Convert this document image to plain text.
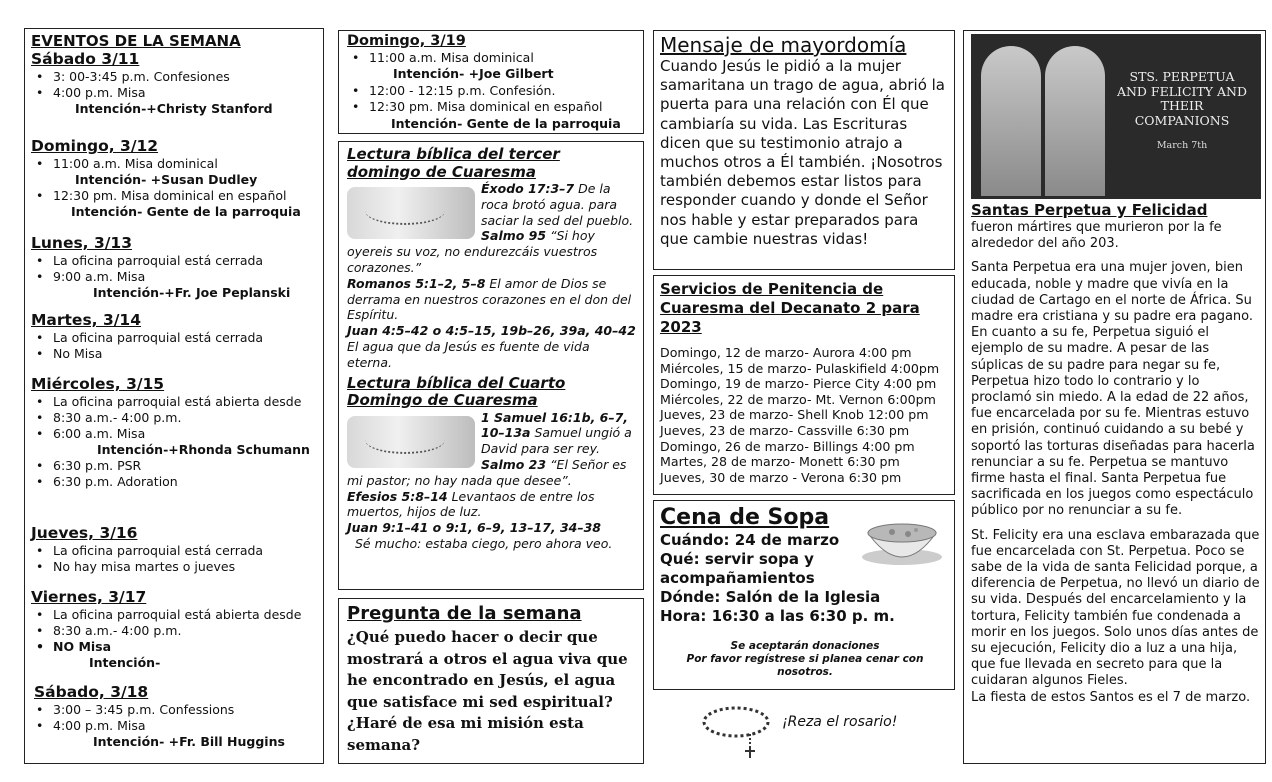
EVENTOS DE LA SEMANA
Sábado 3/11
• 3: 00-3:45 p.m. Confesiones
• 4:00 p.m. Misa
Intención-+Christy Stanford
Domingo, 3/12
• 11:00 a.m. Misa dominical
Intención- +Susan Dudley
• 12:30 pm. Misa dominical en español
Intención- Gente de la parroquia
Lunes, 3/13
• La oficina parroquial está cerrada
• 9:00 a.m. Misa
Intención-+Fr. Joe Peplanski
Martes, 3/14
• La oficina parroquial está cerrada
• No Misa
Miércoles, 3/15
• La oficina parroquial está abierta desde
• 8:30 a.m.- 4:00 p.m.
• 6:00 a.m. Misa
Intención-+Rhonda Schumann
• 6:30 p.m. PSR
• 6:30 p.m. Adoration
Jueves, 3/16
• La oficina parroquial está cerrada
• No hay misa martes o jueves
Viernes, 3/17
• La oficina parroquial está abierta desde
• 8:30 a.m.- 4:00 p.m.
• NO Misa
Intención-
Sábado, 3/18
• 3:00 – 3:45 p.m. Confessions
• 4:00 p.m. Misa
Intención- +Fr. Bill Huggins
Domingo, 3/19
• 11:00 a.m. Misa dominical
Intención- +Joe Gilbert
• 12:00 - 12:15 p.m. Confesión.
• 12:30 pm. Misa dominical en español
Intención- Gente de la parroquia
Lectura bíblica del tercer domingo de Cuaresma
Éxodo 17:3–7 De la roca brotó agua. para saciar la sed del pueblo.
Salmo 95 “Si hoy oyereis su voz, no endurezcáis vuestros corazones.”
Romanos 5:1–2, 5–8 El amor de Dios se derrama en nuestros corazones en el don del Espíritu.
Juan 4:5–42 o 4:5–15, 19b–26, 39a, 40–42 El agua que da Jesús es fuente de vida eterna.
Lectura bíblica del Cuarto Domingo de Cuaresma
1 Samuel 16:1b, 6–7, 10–13a Samuel ungió a David para ser rey.
Salmo 23 “El Señor es mi pastor; no hay nada que desee”.
Efesios 5:8–14 Levantaos de entre los muertos, hijos de luz.
Juan 9:1–41 o 9:1, 6–9, 13–17, 34–38
Sé mucho: estaba ciego, pero ahora veo.
Pregunta de la semana
¿Qué puedo hacer o decir que mostrará a otros el agua viva que he encontrado en Jesús, el agua que satisface mi sed espiritual? ¿Haré de esa mi misión esta semana?
Mensaje de mayordomía
Cuando Jesús le pidió a la mujer samaritana un trago de agua, abrió la puerta para una relación con Él que cambiaría su vida. Las Escrituras dicen que su testimonio atrajo a muchos otros a Él también. ¡Nosotros también debemos estar listos para responder cuando y donde el Señor nos hable y estar preparados para que cambie nuestras vidas!
Servicios de Penitencia de Cuaresma del Decanato 2 para 2023
Domingo, 12 de marzo- Aurora 4:00 pm
Miércoles, 15 de marzo- Pulaskifield 4:00pm
Domingo, 19 de marzo- Pierce City 4:00 pm
Miércoles, 22 de marzo- Mt. Vernon 6:00pm
Jueves, 23 de marzo- Shell Knob 12:00 pm
Jueves, 23 de marzo- Cassville 6:30 pm
Domingo, 26 de marzo- Billings 4:00 pm
Martes, 28 de marzo- Monett 6:30 pm
Jueves, 30 de marzo - Verona 6:30 pm
Cena de Sopa
Cuándo: 24 de marzo
Qué: servir sopa y acompañamientos
Dónde: Salón de la Iglesia
Hora: 16:30 a las 6:30 p. m.
Se aceptarán donaciones
Por favor regístrese si planea cenar con nosotros.
¡Reza el rosario!
STS. PERPETUA AND FELICITY AND THEIR COMPANIONS
March 7th
Santas Perpetua y Felicidad

fueron mártires que murieron por la fe alrededor del año 203.

Santa Perpetua era una mujer joven, bien educada, noble y madre que vivía en la ciudad de Cartago en el norte de África. Su madre era cristiana y su padre era pagano. En cuanto a su fe, Perpetua siguió el ejemplo de su madre. A pesar de las súplicas de su padre para negar su fe, Perpetua hizo todo lo contrario y lo proclamó sin miedo. A la edad de 22 años, fue encarcelada por su fe. Mientras estuvo en prisión, continuó cuidando a su bebé y soportó las torturas diseñadas para hacerla renunciar a su fe. Perpetua se mantuvo firme hasta el final. Santa Perpetua fue sacrificada en los juegos como espectáculo público por no renunciar a su fe.

St. Felicity era una esclava embarazada que fue encarcelada con St. Perpetua. Poco se sabe de la vida de santa Felicidad porque, a diferencia de Perpetua, no llevó un diario de su vida. Después del encarcelamiento y la tortura, Felicity también fue condenada a morir en los juegos. Solo unos días antes de su ejecución, Felicity dio a luz a una hija, que fue llevada en secreto para que la cuidaran algunos Fieles.

La fiesta de estos Santos es el 7 de marzo.
